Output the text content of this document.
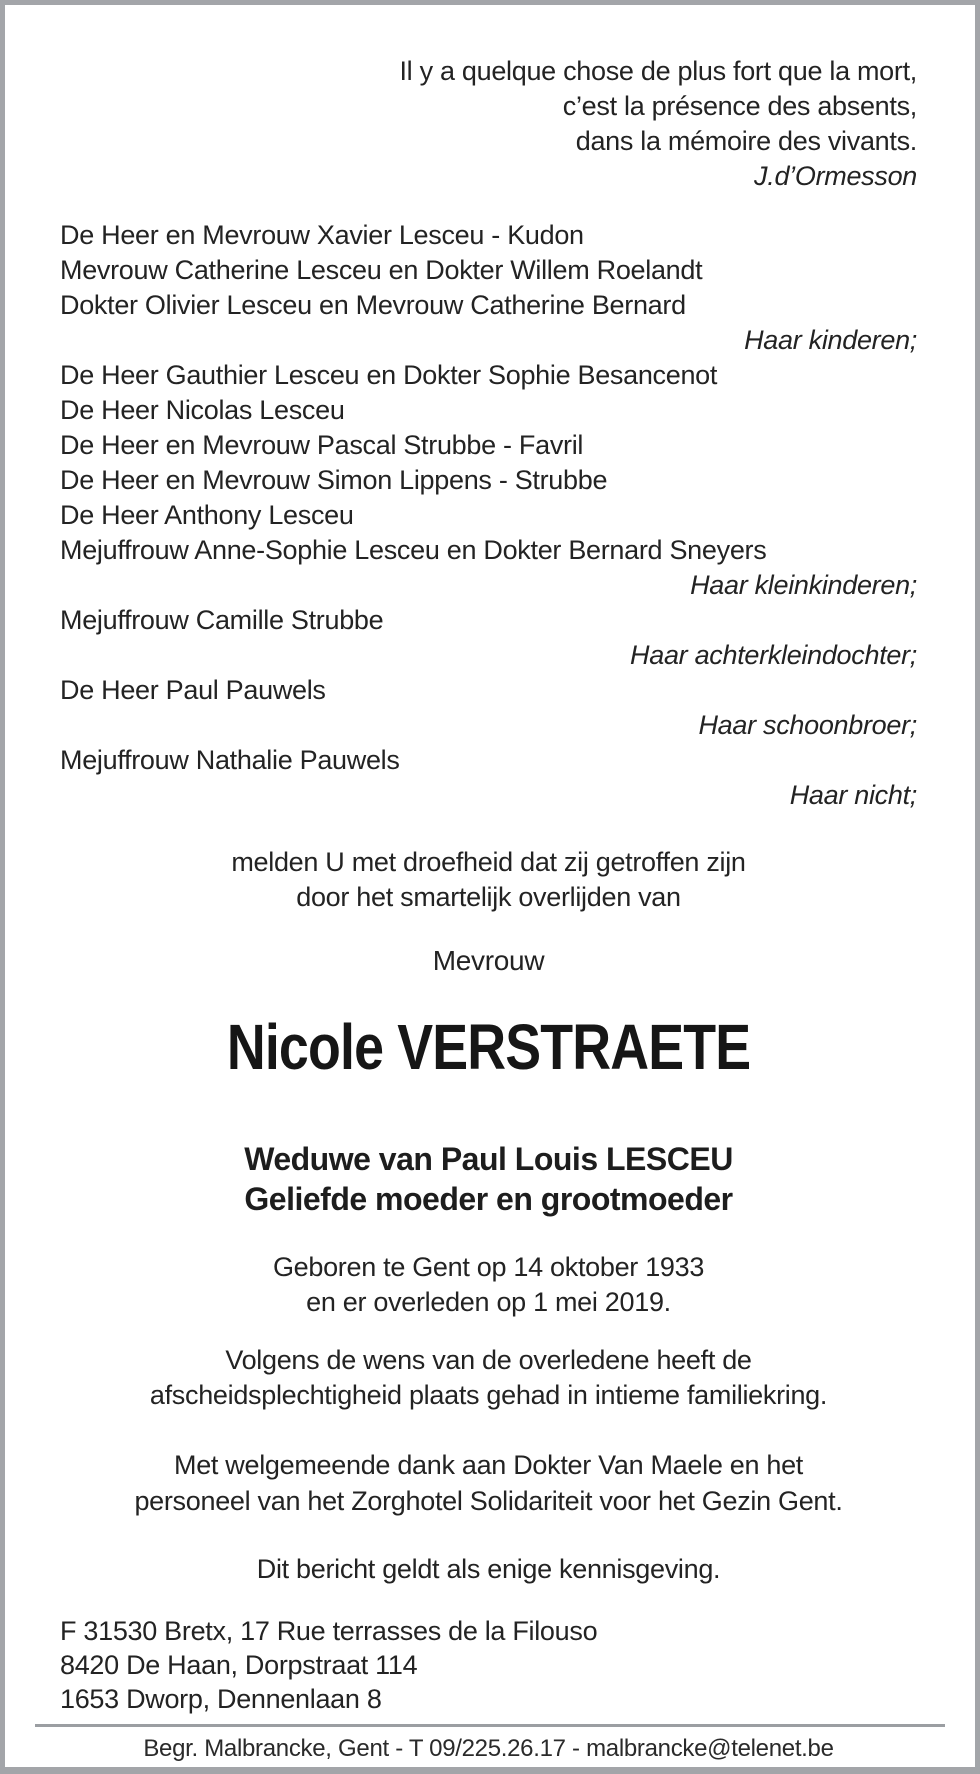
Il y a quelque chose de plus fort que la mort,
c’est la présence des absents,
dans la mémoire des vivants.
J.d’Ormesson
De Heer en Mevrouw Xavier Lesceu - Kudon
Mevrouw Catherine Lesceu en Dokter Willem Roelandt
Dokter Olivier Lesceu en Mevrouw Catherine Bernard
Haar kinderen;
De Heer Gauthier Lesceu en Dokter Sophie Besancenot
De Heer Nicolas Lesceu
De Heer en Mevrouw Pascal Strubbe - Favril
De Heer en Mevrouw Simon Lippens - Strubbe
De Heer Anthony Lesceu
Mejuffrouw Anne-Sophie Lesceu en Dokter Bernard Sneyers
Haar kleinkinderen;
Mejuffrouw Camille Strubbe
Haar achterkleindochter;
De Heer Paul Pauwels
Haar schoonbroer;
Mejuffrouw Nathalie Pauwels
Haar nicht;
melden U met droefheid dat zij getroffen zijn
door het smartelijk overlijden van
Mevrouw
Nicole VERSTRAETE
Weduwe van Paul Louis LESCEU
Geliefde moeder en grootmoeder
Geboren te Gent op 14 oktober 1933
en er overleden op 1 mei 2019.
Volgens de wens van de overledene heeft de
afscheidsplechtigheid plaats gehad in intieme familiekring.
Met welgemeende dank aan Dokter Van Maele en het
personeel van het Zorghotel Solidariteit voor het Gezin Gent.
Dit bericht geldt als enige kennisgeving.
F 31530 Bretx, 17 Rue terrasses de la Filouso
8420 De Haan, Dorpstraat 114
1653 Dworp, Dennenlaan 8
Begr. Malbrancke, Gent - T 09/225.26.17 - malbrancke@telenet.be
